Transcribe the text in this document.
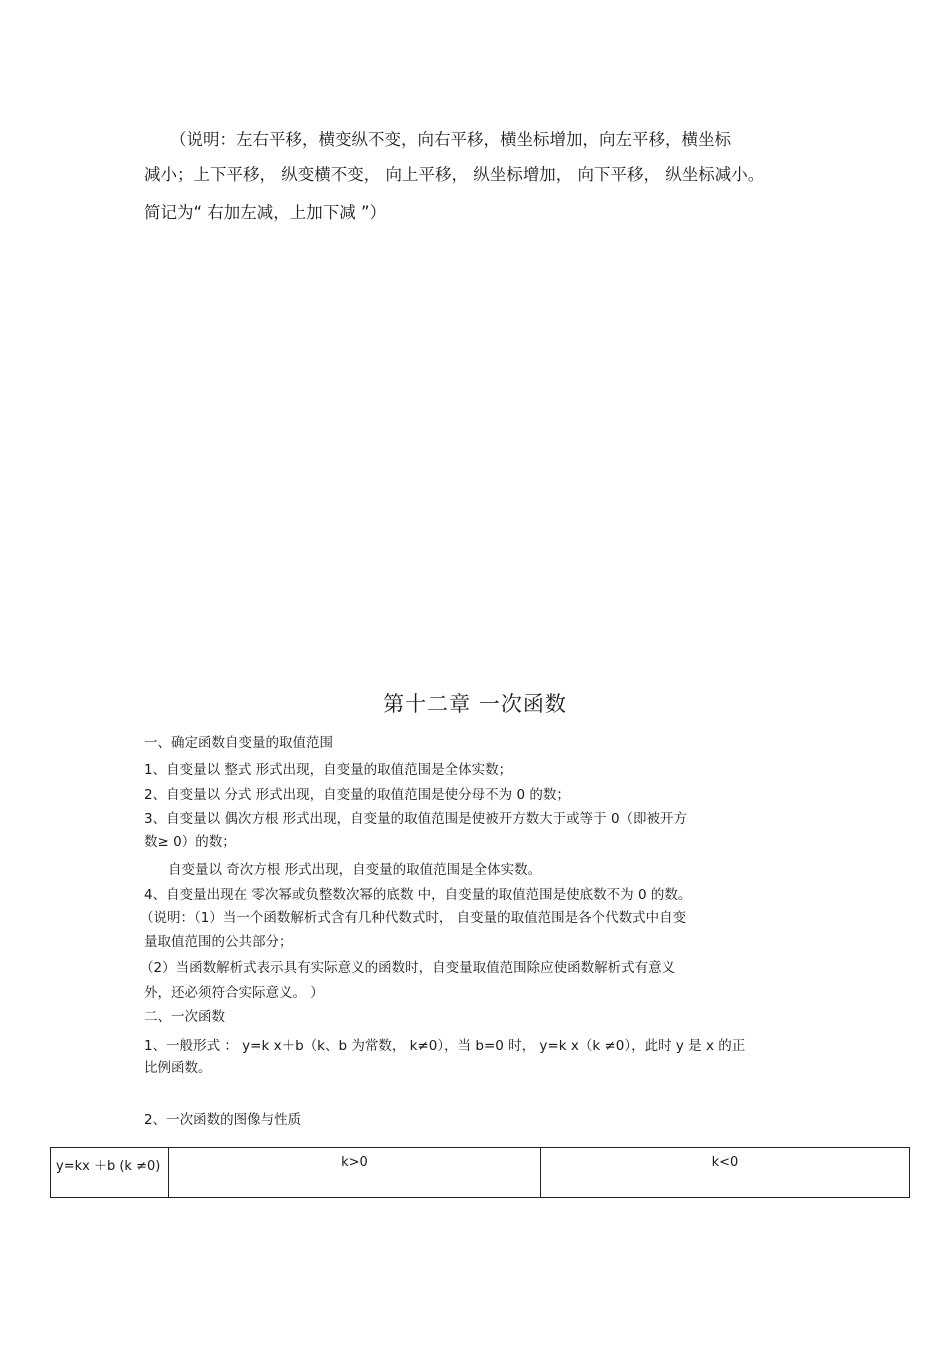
（说明：左右平移，横变纵不变，向右平移，横坐标增加，向左平移，横坐标
减小；上下平移， 纵变横不变， 向上平移， 纵坐标增加， 向下平移， 纵坐标减小。
简记为“ 右加左减，上加下减 ”）
第十二章 一次函数
一、确定函数自变量的取值范围
1、自变量以 整式 形式出现，自变量的取值范围是全体实数；
2、自变量以 分式 形式出现，自变量的取值范围是使分母不为 0 的数；
3、自变量以 偶次方根 形式出现，自变量的取值范围是使被开方数大于或等于 0（即被开方
数≥ 0）的数；
自变量以 奇次方根 形式出现，自变量的取值范围是全体实数。
4、自变量出现在 零次幂或负整数次幂的底数 中，自变量的取值范围是使底数不为 0 的数。
（说明：（1）当一个函数解析式含有几种代数式时， 自变量的取值范围是各个代数式中自变
量取值范围的公共部分；
（2）当函数解析式表示具有实际意义的函数时，自变量取值范围除应使函数解析式有意义
外，还必须符合实际意义。 ）
二、一次函数
1、一般形式 ： y=k x＋b（k、b 为常数， k≠0），当 b=0 时， y=k x（k ≠0），此时 y 是 x 的正
比例函数。
2、一次函数的图像与性质
y=kx ＋b (k ≠0)	k>0	k<0
